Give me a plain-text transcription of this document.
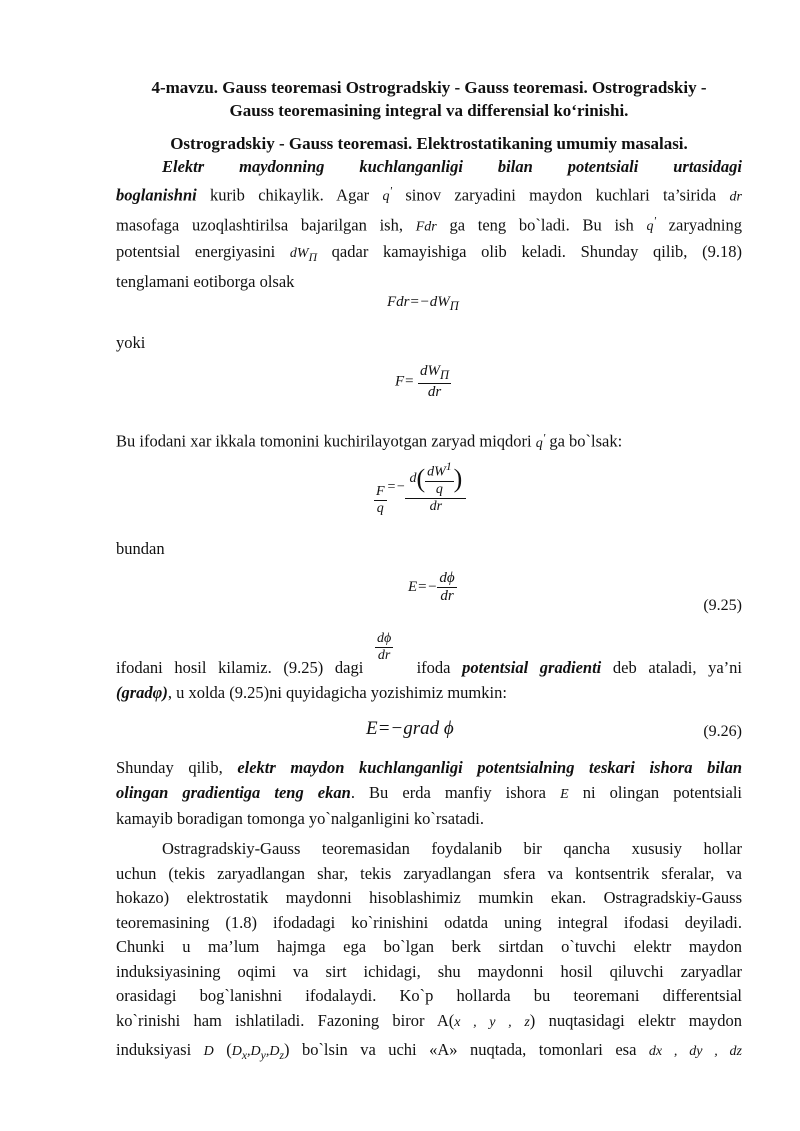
4-mavzu. Gauss teoremasi Ostrogradskiy - Gauss teoremasi. Ostrogradskiy -
Gauss teoremasining integral va differensial ko‘rinishi.
Ostrogradskiy - Gauss teoremasi. Elektrostatikaning umumiy masalasi.
Elektr maydonning kuchlanganligi bilan potentsiali urtasidagi
boglanishni kurib chikaylik. Agar q' sinov zaryadini maydon kuchlari ta’sirida dr
masofaga uzoqlashtirilsa bajarilgan ish, Fdr ga teng bo`ladi. Bu ish q' zaryadning
potentsial energiyasini $dW_П$ qadar kamayishiga olib keladi. Shunday qilib, (9.18)
tenglamani eotiborga olsak
$Fdr=-dW_П$
yoki
$F= \frac{dW_П}{dr}$
Bu ifodani xar ikkala tomonini kuchirilayotgan zaryad miqdori q' ga bo`lsak:
$\frac{F}{q} =- \frac{d( \frac{dW^1}{q} )}{dr}$
bundan
$E=- \frac{d\phi}{dr}$
(9.25)
$\frac{d\phi}{dr}$
ifodani hosil kilamiz. (9.25) dagi  ifoda potentsial gradienti deb ataladi, ya’ni
(gradφ), u xolda (9.25)ni quyidagicha yozishimiz mumkin:
E=−grad ϕ	(9.26)
Shunday qilib, elektr maydon kuchlanganligi potentsialning teskari ishora bilan
olingan gradientiga teng ekan. Bu erda manfiy ishora E ni olingan potentsiali
kamayib boradigan tomonga yo`nalganligini ko`rsatadi.
Ostragradskiy-Gauss teoremasidan foydalanib bir qancha xususiy hollar
uchun (tekis zaryadlangan shar, tekis zaryadlangan sfera va kontsentrik sferalar, va
hokazo) elektrostatik maydonni hisoblashimiz mumkin ekan. Ostragradskiy-Gauss
teoremasining (1.8) ifodadagi ko`rinishini odatda uning integral ifodasi deyiladi.
Chunki u ma’lum hajmga ega bo`lgan berk sirtdan o`tuvchi elektr maydon
induksiyasining oqimi va sirt ichidagi, shu maydonni hosil qiluvchi zaryadlar
orasidagi bog`lanishni ifodalaydi. Ko`p hollarda bu teoremani differentsial
ko`rinishi ham ishlatiladi. Fazoning biror A(x , y , z) nuqtasidagi elektr maydon
induksiyasi D $(D_x,D_y,D_z)$ bo`lsin va uchi «A» nuqtada, tomonlari esa dx , dy , dz
